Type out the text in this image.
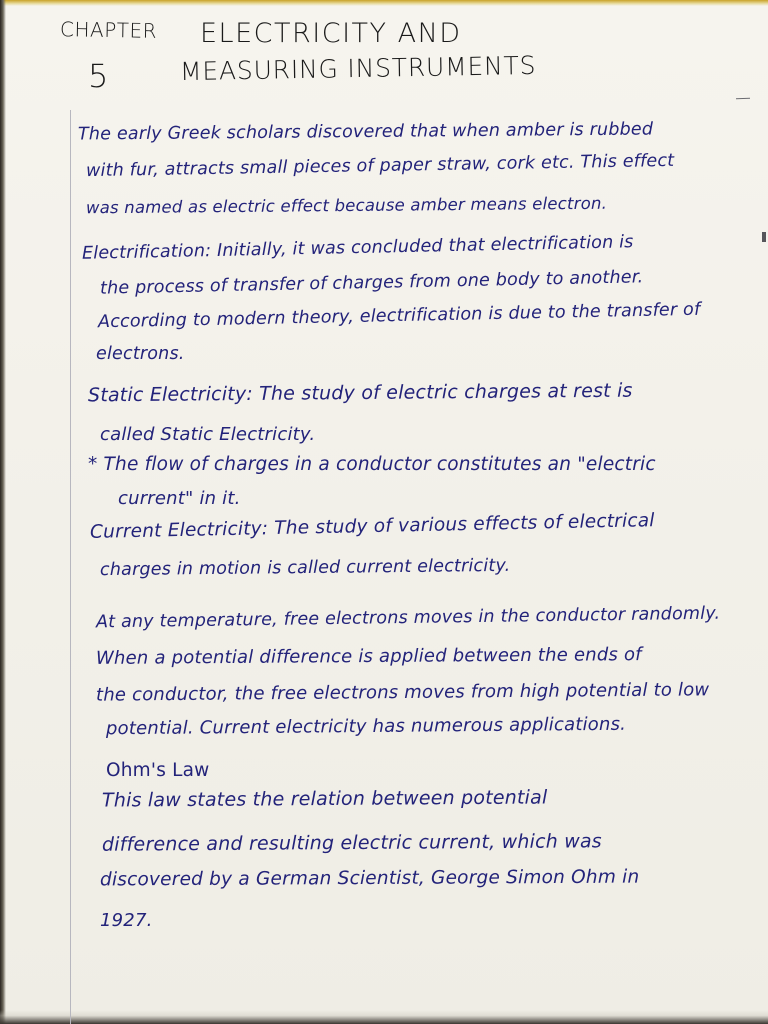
CHAPTER
5
ELECTRICITY AND
MEASURING INSTRUMENTS
The early Greek scholars discovered that when amber is rubbed
with fur, attracts small pieces of paper straw, cork etc. This effect
was named as electric effect because amber means electron.
Electrification: Initially, it was concluded that electrification is
the process of transfer of charges from one body to another.
According to modern theory, electrification is due to the transfer of
electrons.
Static Electricity: The study of electric charges at rest is
called Static Electricity.
* The flow of charges in a conductor constitutes an "electric
current" in it.
Current Electricity: The study of various effects of electrical
charges in motion is called current electricity.
At any temperature, free electrons moves in the conductor randomly.
When a potential difference is applied between the ends of
the conductor, the free electrons moves from high potential to low
potential. Current electricity has numerous applications.
Ohm's Law
This law states the relation between potential
difference and resulting electric current, which was
discovered by a German Scientist, George Simon Ohm in
1927.
